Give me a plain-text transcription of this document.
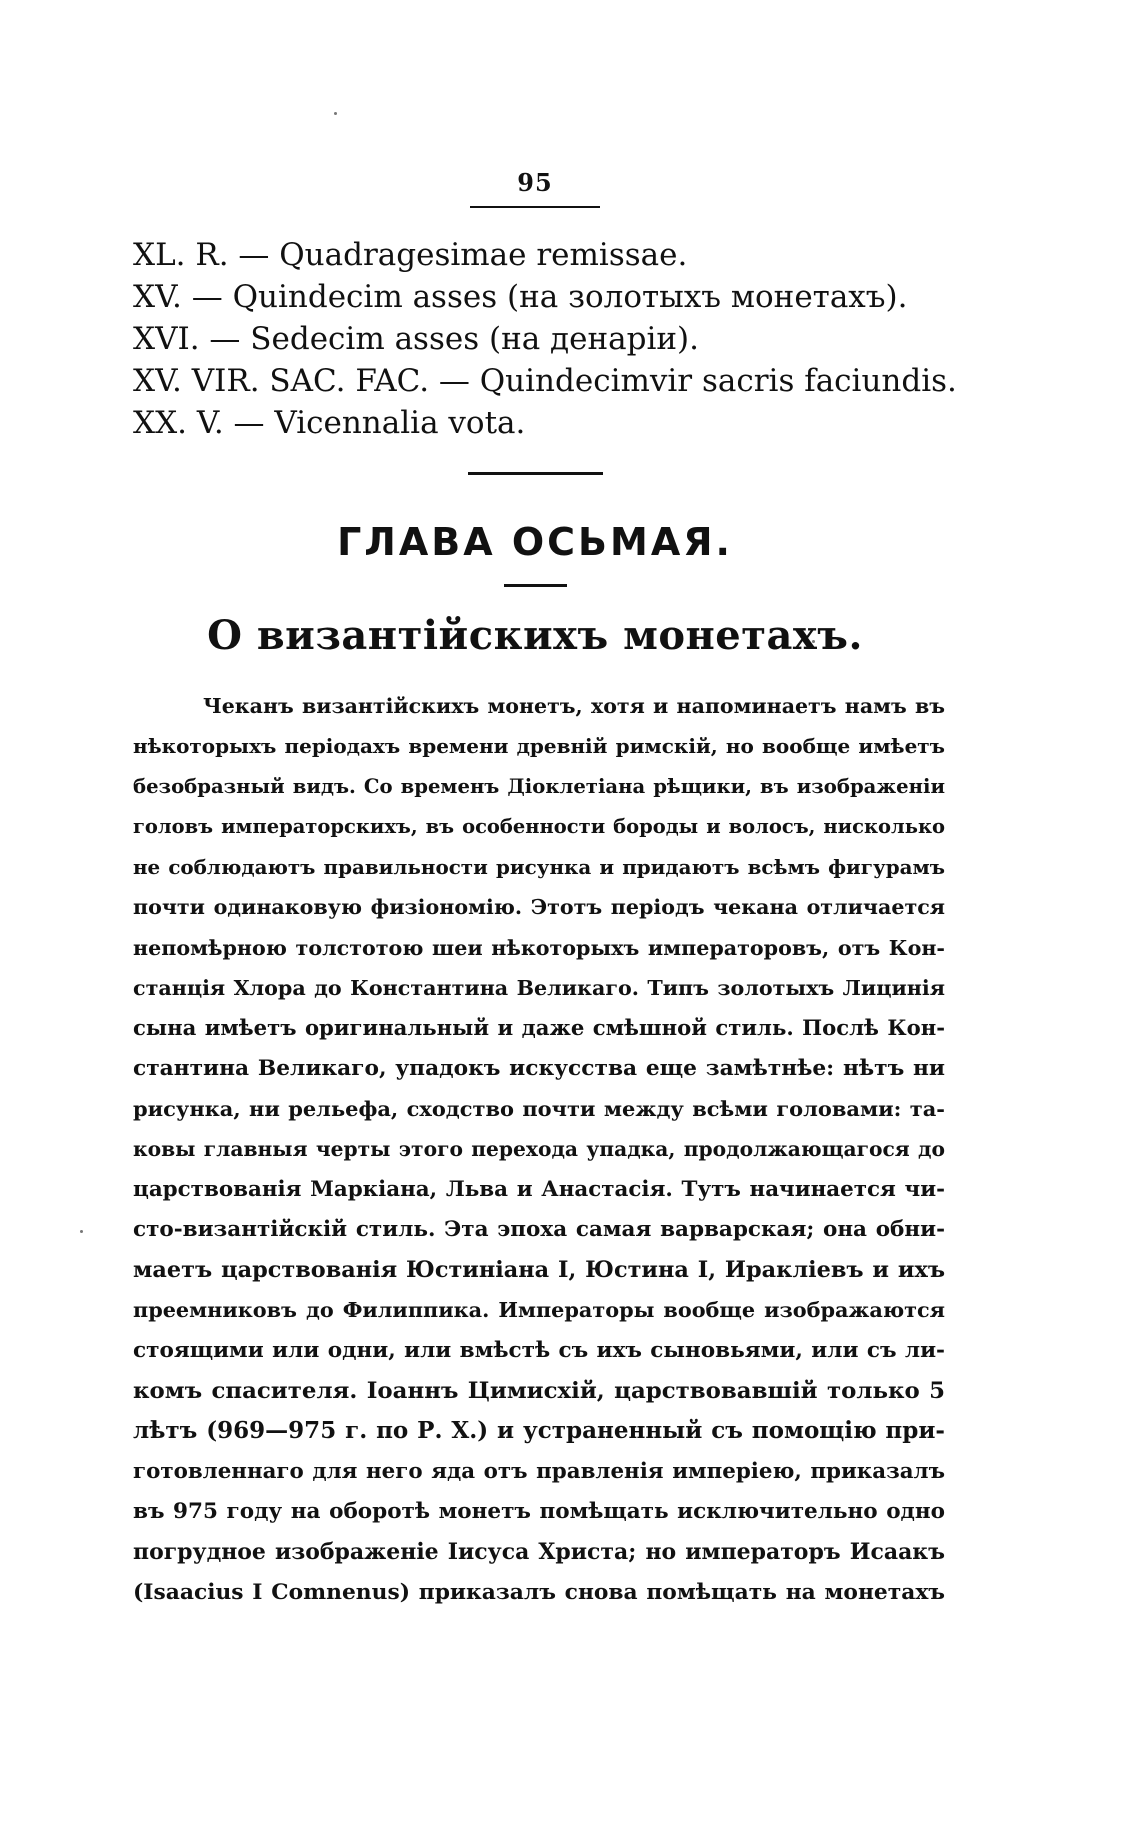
95
XL. R. — Quadragesimae remissae.
XV. — Quindecim asses (на золотыхъ монетахъ).
XVI. — Sedecim asses (на денаріи).
XV. VIR. SAC. FAC. — Quindecimvir sacris faciundis.
XX. V. — Vicennalia vota.
ГЛАВА ОСЬМАЯ.
О византійскихъ монетахъ.
Чеканъ византійскихъ монетъ, хотя и напоминаетъ намъ въ
нѣкоторыхъ періодахъ времени древній римскій, но вообще имѣетъ
безобразный видъ. Со временъ Діоклетіана рѣщики, въ изображеніи
головъ императорскихъ, въ особенности бороды и волосъ, нисколько
не соблюдаютъ правильности рисунка и придаютъ всѣмъ фигурамъ
почти одинаковую физіономію. Этотъ періодъ чекана отличается
непомѣрною толстотою шеи нѣкоторыхъ императоровъ, отъ Кон-
станція Хлора до Константина Великаго. Типъ золотыхъ Лицинія
сына имѣетъ оригинальный и даже смѣшной стиль. Послѣ Кон-
стантина Великаго, упадокъ искусства еще замѣтнѣе: нѣтъ ни
рисунка, ни рельефа, сходство почти между всѣми головами: та-
ковы главныя черты этого перехода упадка, продолжающагося до
царствованія Маркіана, Льва и Анастасія. Тутъ начинается чи-
сто-византійскій стиль. Эта эпоха самая варварская; она обни-
маетъ царствованія Юстиніана I, Юстина I, Иракліевъ и ихъ
преемниковъ до Филиппика. Императоры вообще изображаются
стоящими или одни, или вмѣстѣ съ ихъ сыновьями, или съ ли-
комъ спасителя. Іоаннъ Цимисхій, царствовавшій только 5
лѣтъ (969—975 г. по Р. Х.) и устраненный съ помощію при-
готовленнаго для него яда отъ правленія имперіею, приказалъ
въ 975 году на оборотѣ монетъ помѣщать исключительно одно
погрудное изображеніе Іисуса Христа; но императоръ Исаакъ
(Isaacius I Comnenus) приказалъ снова помѣщать на монетахъ
